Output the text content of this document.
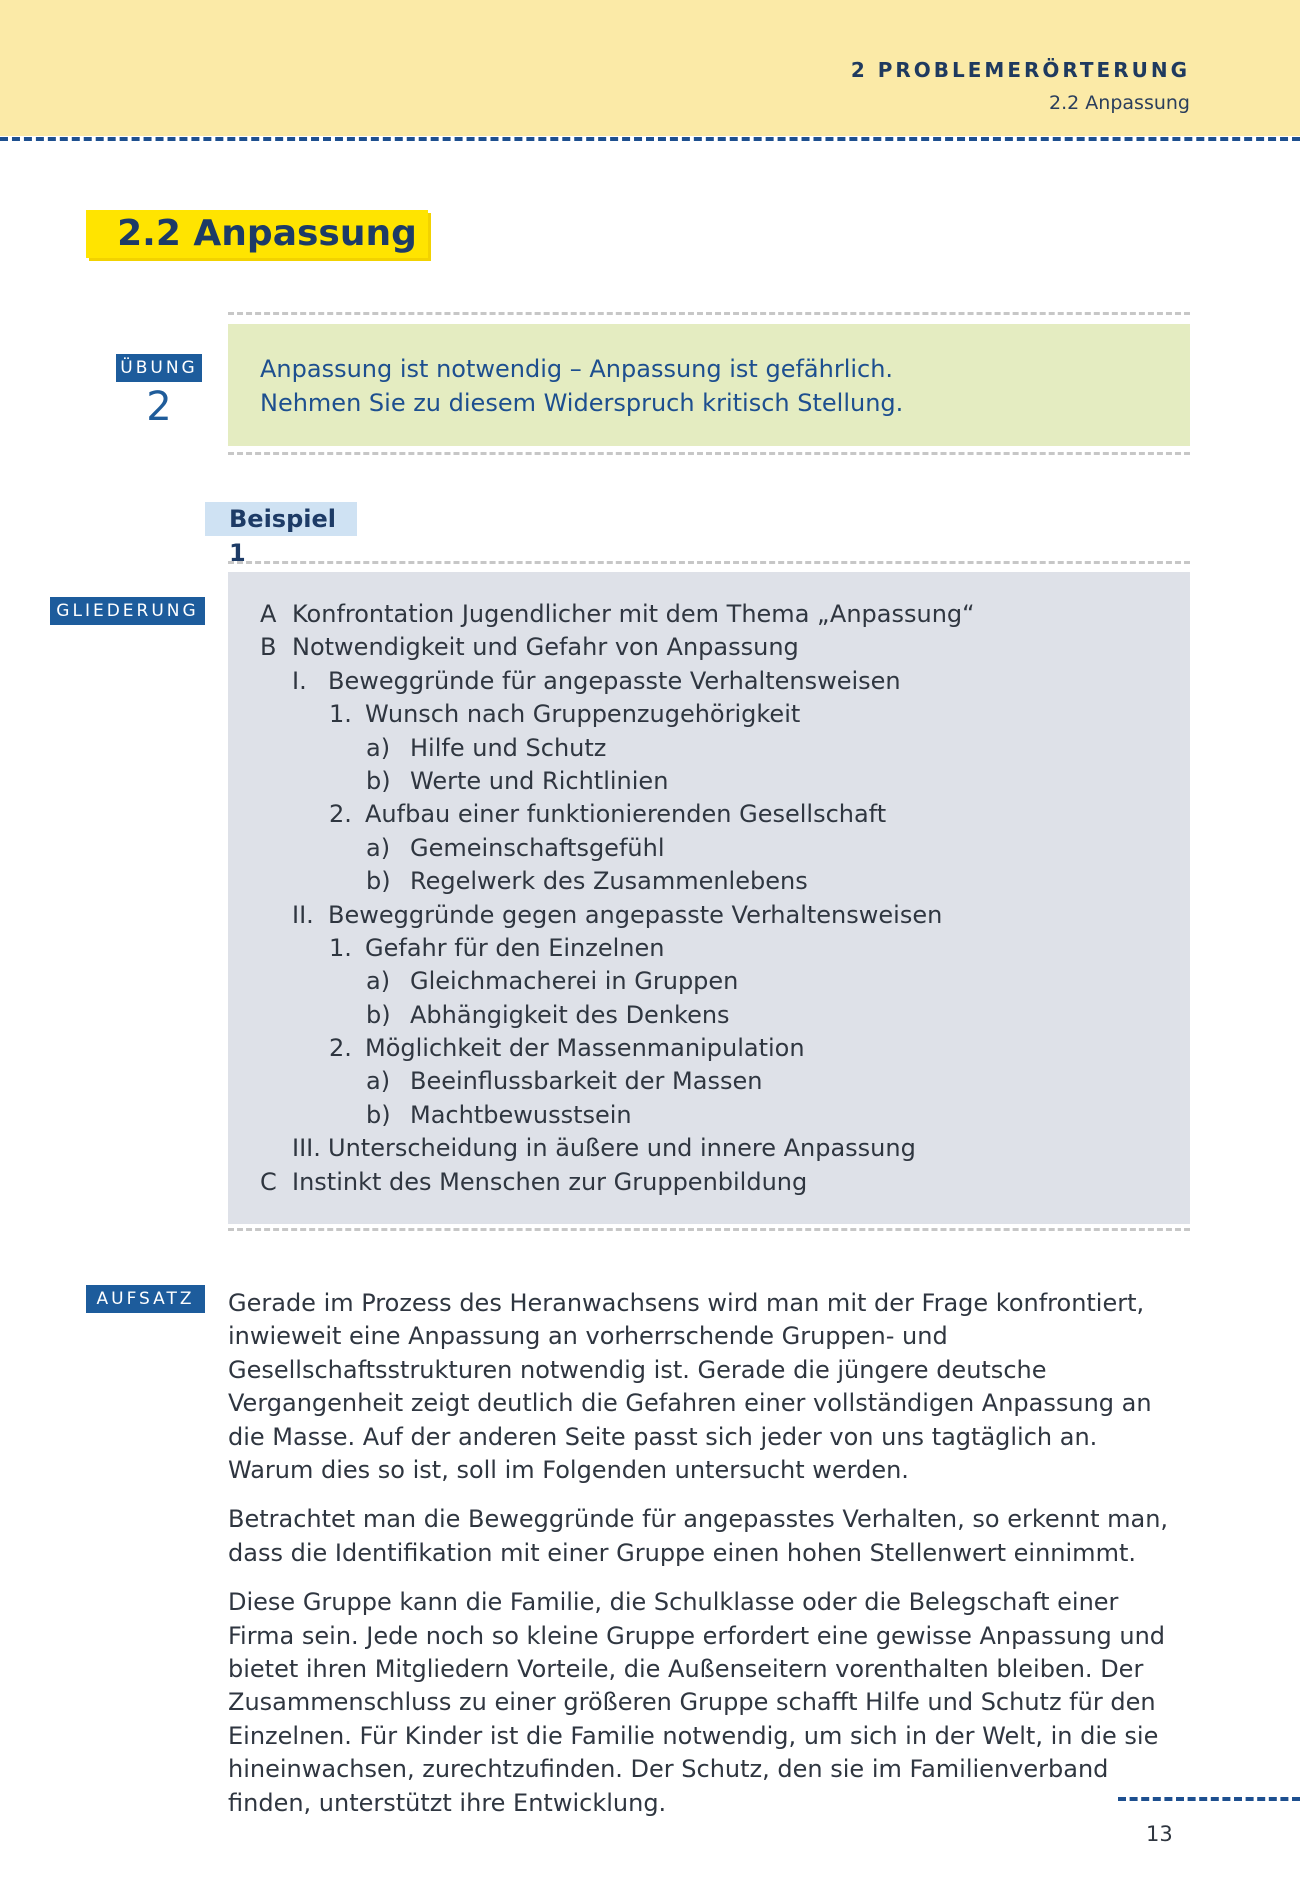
2 PROBLEMERÖRTERUNG
2.2 Anpassung
2.2 Anpassung
ÜBUNG
2
Anpassung ist notwendig – Anpassung ist gefährlich.
Nehmen Sie zu diesem Widerspruch kritisch Stellung.
Beispiel 1
GLIEDERUNG	A Konfrontation Jugendlicher mit dem Thema „Anpassung“
B Notwendigkeit und Gefahr von Anpassung
I. Beweggründe für angepasste Verhaltensweisen
1. Wunsch nach Gruppenzugehörigkeit
a) Hilfe und Schutz
b) Werte und Richtlinien
2. Aufbau einer funktionierenden Gesellschaft
a) Gemeinschaftsgefühl
b) Regelwerk des Zusammenlebens
II. Beweggründe gegen angepasste Verhaltensweisen
1. Gefahr für den Einzelnen
a) Gleichmacherei in Gruppen
b) Abhängigkeit des Denkens
2. Möglichkeit der Massenmanipulation
a) Beeinflussbarkeit der Massen
b) Machtbewusstsein
III. Unterscheidung in äußere und innere Anpassung
C Instinkt des Menschen zur Gruppenbildung
AUFSATZ	Gerade im Prozess des Heranwachsens wird man mit der Frage konfrontiert, inwieweit eine Anpassung an vorherrschende Gruppen- und Gesellschaftsstrukturen notwendig ist. Gerade die jüngere deutsche Vergangenheit zeigt deutlich die Gefahren einer vollständigen Anpassung an die Masse. Auf der anderen Seite passt sich jeder von uns tagtäglich an. Warum dies so ist, soll im Folgenden untersucht werden.

Betrachtet man die Beweggründe für angepasstes Verhalten, so erkennt man, dass die Identifikation mit einer Gruppe einen hohen Stellenwert einnimmt.

Diese Gruppe kann die Familie, die Schulklasse oder die Belegschaft einer Firma sein. Jede noch so kleine Gruppe erfordert eine gewisse Anpassung und bietet ihren Mitgliedern Vorteile, die Außenseitern vorenthalten bleiben. Der Zusammenschluss zu einer größeren Gruppe schafft Hilfe und Schutz für den Einzelnen. Für Kinder ist die Familie notwendig, um sich in der Welt, in die sie hineinwachsen, zurechtzufinden. Der Schutz, den sie im Familienverband finden, unterstützt ihre Entwicklung.

13
